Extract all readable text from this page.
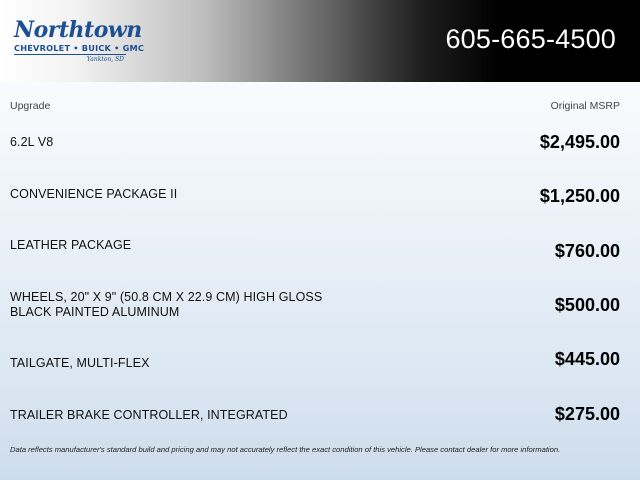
Northtown
CHEVROLET • BUICK • GMC
Yankton, SD
605-665-4500
Upgrade	Original MSRP
6.2L V8	$2,495.00
CONVENIENCE PACKAGE II	$1,250.00
LEATHER PACKAGE	$760.00
WHEELS, 20" X 9" (50.8 CM X 22.9 CM) HIGH GLOSS BLACK PAINTED ALUMINUM	$500.00
TAILGATE, MULTI-FLEX	$445.00
TRAILER BRAKE CONTROLLER, INTEGRATED	$275.00
Data reflects manufacturer's standard build and pricing and may not accurately reflect the exact condition of this vehicle. Please contact dealer for more information.
